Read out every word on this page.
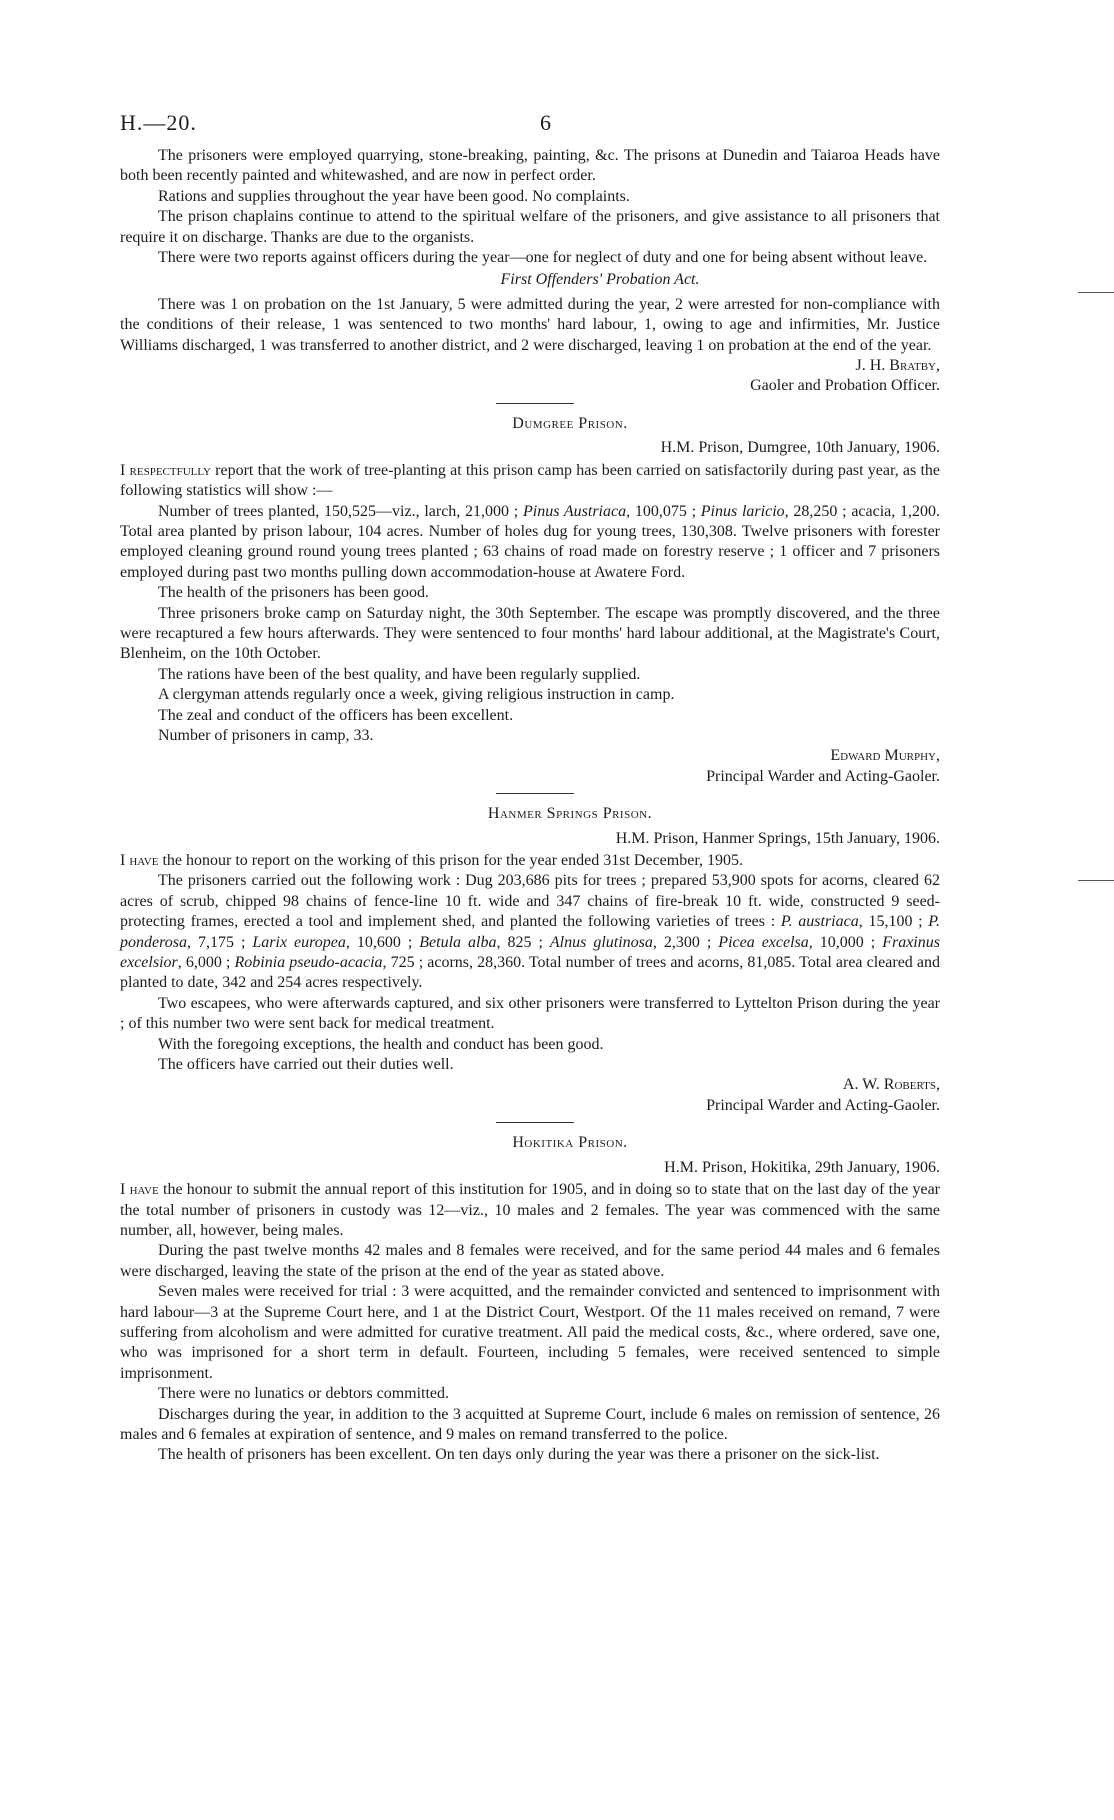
H.—20.	6

The prisoners were employed quarrying, stone-breaking, painting, &c. The prisons at Dunedin and Taiaroa Heads have both been recently painted and whitewashed, and are now in perfect order.

Rations and supplies throughout the year have been good. No complaints.

The prison chaplains continue to attend to the spiritual welfare of the prisoners, and give assistance to all prisoners that require it on discharge. Thanks are due to the organists.

There were two reports against officers during the year—one for neglect of duty and one for being absent without leave.

First Offenders' Probation Act.

There was 1 on probation on the 1st January, 5 were admitted during the year, 2 were arrested for non-compliance with the conditions of their release, 1 was sentenced to two months' hard labour, 1, owing to age and infirmities, Mr. Justice Williams discharged, 1 was transferred to another district, and 2 were discharged, leaving 1 on probation at the end of the year.

J. H. Bratby,
Gaoler and Probation Officer.
Dumgree Prison.
H.M. Prison, Dumgree, 10th January, 1906.

I respectfully report that the work of tree-planting at this prison camp has been carried on satisfactorily during past year, as the following statistics will show :—

Number of trees planted, 150,525—viz., larch, 21,000 ; Pinus Austriaca, 100,075 ; Pinus laricio, 28,250 ; acacia, 1,200. Total area planted by prison labour, 104 acres. Number of holes dug for young trees, 130,308. Twelve prisoners with forester employed cleaning ground round young trees planted ; 63 chains of road made on forestry reserve ; 1 officer and 7 prisoners employed during past two months pulling down accommodation-house at Awatere Ford.

The health of the prisoners has been good.

Three prisoners broke camp on Saturday night, the 30th September. The escape was promptly discovered, and the three were recaptured a few hours afterwards. They were sentenced to four months' hard labour additional, at the Magistrate's Court, Blenheim, on the 10th October.

The rations have been of the best quality, and have been regularly supplied.

A clergyman attends regularly once a week, giving religious instruction in camp.

The zeal and conduct of the officers has been excellent.

Number of prisoners in camp, 33.

Edward Murphy,
Principal Warder and Acting-Gaoler.
Hanmer Springs Prison.
H.M. Prison, Hanmer Springs, 15th January, 1906.

I have the honour to report on the working of this prison for the year ended 31st December, 1905.

The prisoners carried out the following work : Dug 203,686 pits for trees ; prepared 53,900 spots for acorns, cleared 62 acres of scrub, chipped 98 chains of fence-line 10 ft. wide and 347 chains of fire-break 10 ft. wide, constructed 9 seed-protecting frames, erected a tool and implement shed, and planted the following varieties of trees : P. austriaca, 15,100 ; P. ponderosa, 7,175 ; Larix europea, 10,600 ; Betula alba, 825 ; Alnus glutinosa, 2,300 ; Picea excelsa, 10,000 ; Fraxinus excelsior, 6,000 ; Robinia pseudo-acacia, 725 ; acorns, 28,360. Total number of trees and acorns, 81,085. Total area cleared and planted to date, 342 and 254 acres respectively.

Two escapees, who were afterwards captured, and six other prisoners were transferred to Lyttelton Prison during the year ; of this number two were sent back for medical treatment.

With the foregoing exceptions, the health and conduct has been good.

The officers have carried out their duties well.

A. W. Roberts,
Principal Warder and Acting-Gaoler.
Hokitika Prison.
H.M. Prison, Hokitika, 29th January, 1906.

I have the honour to submit the annual report of this institution for 1905, and in doing so to state that on the last day of the year the total number of prisoners in custody was 12—viz., 10 males and 2 females. The year was commenced with the same number, all, however, being males.

During the past twelve months 42 males and 8 females were received, and for the same period 44 males and 6 females were discharged, leaving the state of the prison at the end of the year as stated above.

Seven males were received for trial : 3 were acquitted, and the remainder convicted and sentenced to imprisonment with hard labour—3 at the Supreme Court here, and 1 at the District Court, Westport. Of the 11 males received on remand, 7 were suffering from alcoholism and were admitted for curative treatment. All paid the medical costs, &c., where ordered, save one, who was imprisoned for a short term in default. Fourteen, including 5 females, were received sentenced to simple imprisonment.

There were no lunatics or debtors committed.

Discharges during the year, in addition to the 3 acquitted at Supreme Court, include 6 males on remission of sentence, 26 males and 6 females at expiration of sentence, and 9 males on remand transferred to the police.

The health of prisoners has been excellent. On ten days only during the year was there a prisoner on the sick-list.
